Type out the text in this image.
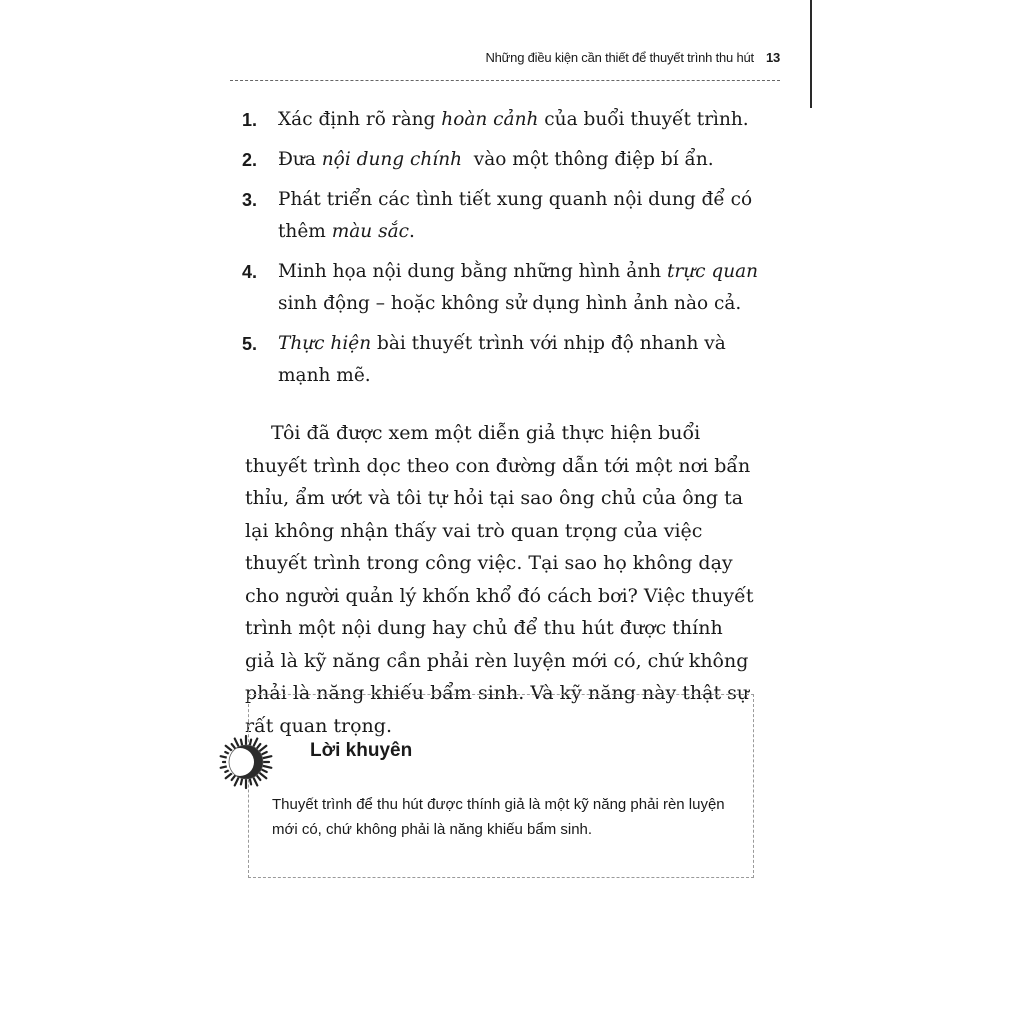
Những điều kiện cần thiết để thuyết trình thu hút 13
1. Xác định rõ ràng hoàn cảnh của buổi thuyết trình.
2. Đưa nội dung chính  vào một thông điệp bí ẩn.
3. Phát triển các tình tiết xung quanh nội dung để có thêm màu sắc.
4. Minh họa nội dung bằng những hình ảnh trực quan sinh động – hoặc không sử dụng hình ảnh nào cả.
5. Thực hiện bài thuyết trình với nhịp độ nhanh và mạnh mẽ.

Tôi đã được xem một diễn giả thực hiện buổi thuyết trình dọc theo con đường dẫn tới một nơi bẩn thỉu, ẩm ướt và tôi tự hỏi tại sao ông chủ của ông ta lại không nhận thấy vai trò quan trọng của việc thuyết trình trong công việc. Tại sao họ không dạy cho người quản lý khốn khổ đó cách bơi? Việc thuyết trình một nội dung hay chủ để thu hút được thính giả là kỹ năng cần phải rèn luyện mới có, chứ không phải là năng khiếu bẩm sinh. Và kỹ năng này thật sự rất quan trọng.

Lời khuyên

Thuyết trình để thu hút được thính giả là một kỹ năng phải rèn luyện mới có, chứ không phải là năng khiếu bẩm sinh.
